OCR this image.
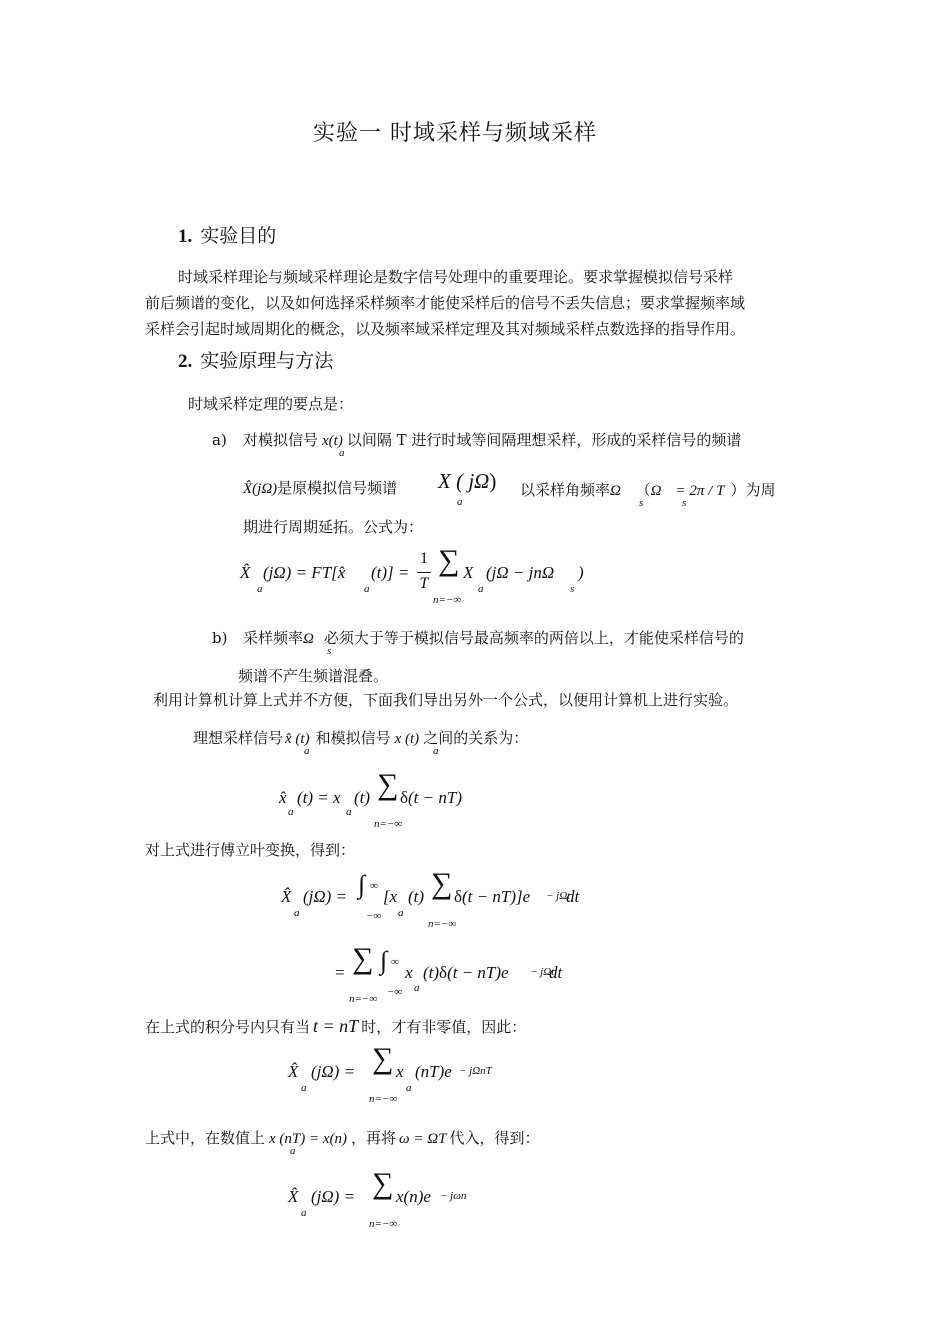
实验一 时域采样与频域采样
1. 实验目的
时域采样理论与频域采样理论是数字信号处理中的重要理论。要求掌握模拟信号采样
前后频谱的变化，以及如何选择采样频率才能使采样后的信号不丢失信息；要求掌握频率域
采样会引起时域周期化的概念，以及频率域采样定理及其对频域采样点数选择的指导作用。
2. 实验原理与方法
时域采样定理的要点是：
a) 对模拟信号 x(t) 以间隔 T 进行时域等间隔理想采样，形成的采样信号的频谱
a
X̂(jΩ)是原模拟信号频谱 X ( jΩ)
a
以采样角频率Ω （Ω = 2π / T ）为周
s	s
期进行周期延拓。公式为：
X̂
a
(jΩ) = FT[x̂
a
(t)] =
1
T
∑
n=−∞
X
a
(jΩ − jnΩ
s
)
b) 采样频率Ω 必须大于等于模拟信号最高频率的两倍以上，才能使采样信号的
s
频谱不产生频谱混叠。
利用计算机计算上式并不方便，下面我们导出另外一个公式，以便用计算机上进行实验。
理想采样信号 x̂ (t) 和模拟信号 x (t) 之间的关系为：
a	a
x̂
a
(t) = x
a
(t) ∑
n=−∞
δ(t − nT)
对上式进行傅立叶变换，得到：
X̂
a
(jΩ) = ∫ ∞
−∞
[x
a
(t) ∑
n=−∞
δ(t − nT)]e − jΩt
dt
= ∑
n=−∞
∫ ∞
−∞
x
a
(t)δ(t − nT)e − jΩt
dt
在上式的积分号内只有当 t = nT 时，才有非零值，因此：
X̂
a
(jΩ) = ∑
n=−∞
x
a
(nT)e − jΩnT
上式中，在数值上 x (nT) = x(n) ，再将 ω = ΩT 代入，得到：
a
X̂
a
(jΩ) = ∑
n=−∞
x(n)e − jωn
